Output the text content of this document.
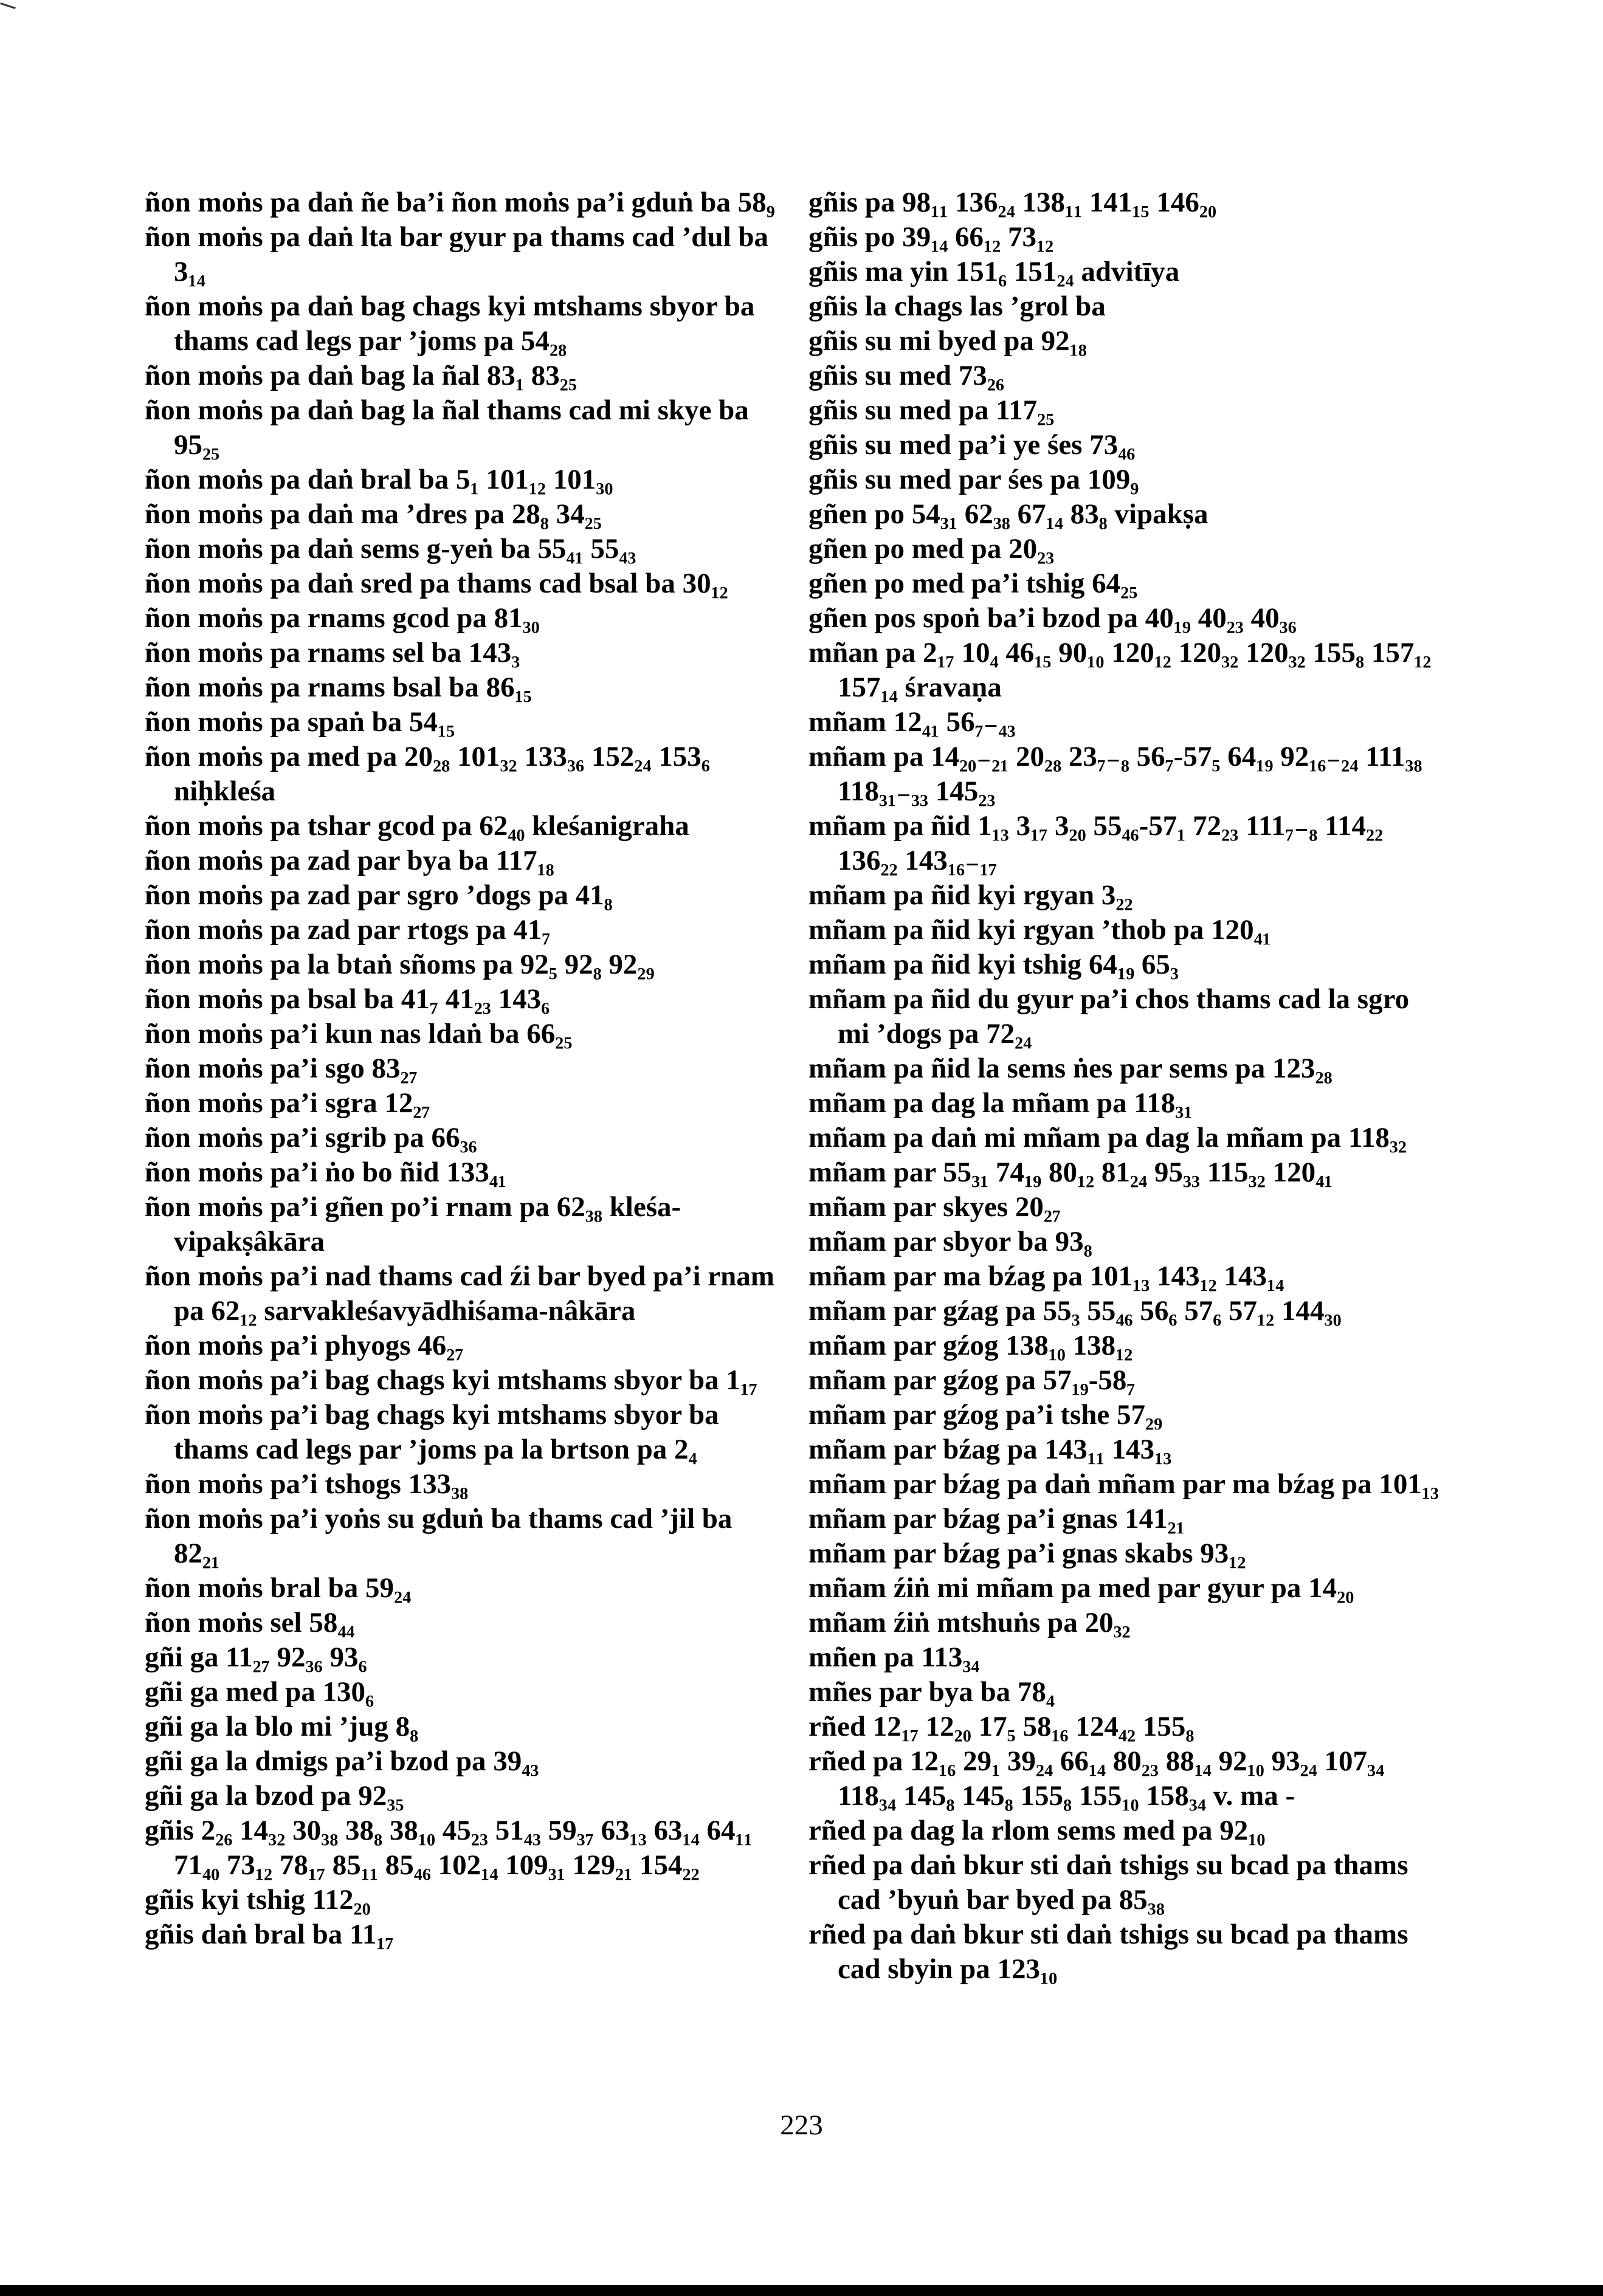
ñon moṅs pa daṅ ñe ba’i ñon moṅs pa’i gduṅ ba 58₉

ñon moṅs pa daṅ lta bar gyur pa thams cad ’dul ba 3₁₄

ñon moṅs pa daṅ bag chags kyi mtshams sbyor ba thams cad legs par ’joms pa 54₂₈

ñon moṅs pa daṅ bag la ñal 83₁ 83₂₅

ñon moṅs pa daṅ bag la ñal thams cad mi skye ba 95₂₅

ñon moṅs pa daṅ bral ba 5₁ 101₁₂ 101₃₀

ñon moṅs pa daṅ ma ’dres pa 28₈ 34₂₅

ñon moṅs pa daṅ sems g-yeṅ ba 55₄₁ 55₄₃

ñon moṅs pa daṅ sred pa thams cad bsal ba 30₁₂

ñon moṅs pa rnams gcod pa 81₃₀

ñon moṅs pa rnams sel ba 143₃

ñon moṅs pa rnams bsal ba 86₁₅

ñon moṅs pa spaṅ ba 54₁₅

ñon moṅs pa med pa 20₂₈ 101₃₂ 133₃₆ 152₂₄ 153₆ niḥkleśa

ñon moṅs pa tshar gcod pa 62₄₀ kleśanigraha

ñon moṅs pa zad par bya ba 117₁₈

ñon moṅs pa zad par sgro ’dogs pa 41₈

ñon moṅs pa zad par rtogs pa 41₇

ñon moṅs pa la btaṅ sñoms pa 92₅ 92₈ 92₂₉

ñon moṅs pa bsal ba 41₇ 41₂₃ 143₆

ñon moṅs pa’i kun nas ldaṅ ba 66₂₅

ñon moṅs pa’i sgo 83₂₇

ñon moṅs pa’i sgra 12₂₇

ñon moṅs pa’i sgrib pa 66₃₆

ñon moṅs pa’i ṅo bo ñid 133₄₁

ñon moṅs pa’i gñen po’i rnam pa 62₃₈ kleśa-vipakṣâkāra

ñon moṅs pa’i nad thams cad źi bar byed pa’i rnam pa 62₁₂ sarvakleśavyādhiśama-nâkāra

ñon moṅs pa’i phyogs 46₂₇

ñon moṅs pa’i bag chags kyi mtshams sbyor ba 1₁₇

ñon moṅs pa’i bag chags kyi mtshams sbyor ba thams cad legs par ’joms pa la brtson pa 2₄

ñon moṅs pa’i tshogs 133₃₈

ñon moṅs pa’i yoṅs su gduṅ ba thams cad ’jil ba 82₂₁

ñon moṅs bral ba 59₂₄

ñon moṅs sel 58₄₄

gñi ga 11₂₇ 92₃₆ 93₆

gñi ga med pa 130₆

gñi ga la blo mi ’jug 8₈

gñi ga la dmigs pa’i bzod pa 39₄₃

gñi ga la bzod pa 92₃₅

gñis 2₂₆ 14₃₂ 30₃₈ 38₈ 38₁₀ 45₂₃ 51₄₃ 59₃₇ 63₁₃ 63₁₄ 64₁₁ 71₄₀ 73₁₂ 78₁₇ 85₁₁ 85₄₆ 102₁₄ 109₃₁ 129₂₁ 154₂₂

gñis kyi tshig 112₂₀

gñis daṅ bral ba 11₁₇

gñis pa 98₁₁ 136₂₄ 138₁₁ 141₁₅ 146₂₀

gñis po 39₁₄ 66₁₂ 73₁₂

gñis ma yin 151₆ 151₂₄ advitīya

gñis la chags las ’grol ba

gñis su mi byed pa 92₁₈

gñis su med 73₂₆

gñis su med pa 117₂₅

gñis su med pa’i ye śes 73₄₆

gñis su med par śes pa 109₉

gñen po 54₃₁ 62₃₈ 67₁₄ 83₈ vipakṣa

gñen po med pa 20₂₃

gñen po med pa’i tshig 64₂₅

gñen pos spoṅ ba’i bzod pa 40₁₉ 40₂₃ 40₃₆

mñan pa 2₁₇ 10₄ 46₁₅ 90₁₀ 120₁₂ 120₃₂ 120₃₂ 155₈ 157₁₂ 157₁₄ śravaṇa

mñam 12₄₁ 56₇₋₄₃

mñam pa 14₂₀₋₂₁ 20₂₈ 23₇₋₈ 56₇-57₅ 64₁₉ 92₁₆₋₂₄ 111₃₈ 118₃₁₋₃₃ 145₂₃

mñam pa ñid 1₁₃ 3₁₇ 3₂₀ 55₄₆-57₁ 72₂₃ 111₇₋₈ 114₂₂ 136₂₂ 143₁₆₋₁₇

mñam pa ñid kyi rgyan 3₂₂

mñam pa ñid kyi rgyan ’thob pa 120₄₁

mñam pa ñid kyi tshig 64₁₉ 65₃

mñam pa ñid du gyur pa’i chos thams cad la sgro mi ’dogs pa 72₂₄

mñam pa ñid la sems ṅes par sems pa 123₂₈

mñam pa dag la mñam pa 118₃₁

mñam pa daṅ mi mñam pa dag la mñam pa 118₃₂

mñam par 55₃₁ 74₁₉ 80₁₂ 81₂₄ 95₃₃ 115₃₂ 120₄₁

mñam par skyes 20₂₇

mñam par sbyor ba 93₈

mñam par ma bźag pa 101₁₃ 143₁₂ 143₁₄

mñam par gźag pa 55₃ 55₄₆ 56₆ 57₆ 57₁₂ 144₃₀

mñam par gźog 138₁₀ 138₁₂

mñam par gźog pa 57₁₉-58₇

mñam par gźog pa’i tshe 57₂₉

mñam par bźag pa 143₁₁ 143₁₃

mñam par bźag pa daṅ mñam par ma bźag pa 101₁₃

mñam par bźag pa’i gnas 141₂₁

mñam par bźag pa’i gnas skabs 93₁₂

mñam źiṅ mi mñam pa med par gyur pa 14₂₀

mñam źiṅ mtshuṅs pa 20₃₂

mñen pa 113₃₄

mñes par bya ba 78₄

rñed 12₁₇ 12₂₀ 17₅ 58₁₆ 124₄₂ 155₈

rñed pa 12₁₆ 29₁ 39₂₄ 66₁₄ 80₂₃ 88₁₄ 92₁₀ 93₂₄ 107₃₄ 118₃₄ 145₈ 145₈ 155₈ 155₁₀ 158₃₄ v. ma -

rñed pa dag la rlom sems med pa 92₁₀

rñed pa daṅ bkur sti daṅ tshigs su bcad pa thams cad ’byuṅ bar byed pa 85₃₈

rñed pa daṅ bkur sti daṅ tshigs su bcad pa thams cad sbyin pa 123₁₀

223
